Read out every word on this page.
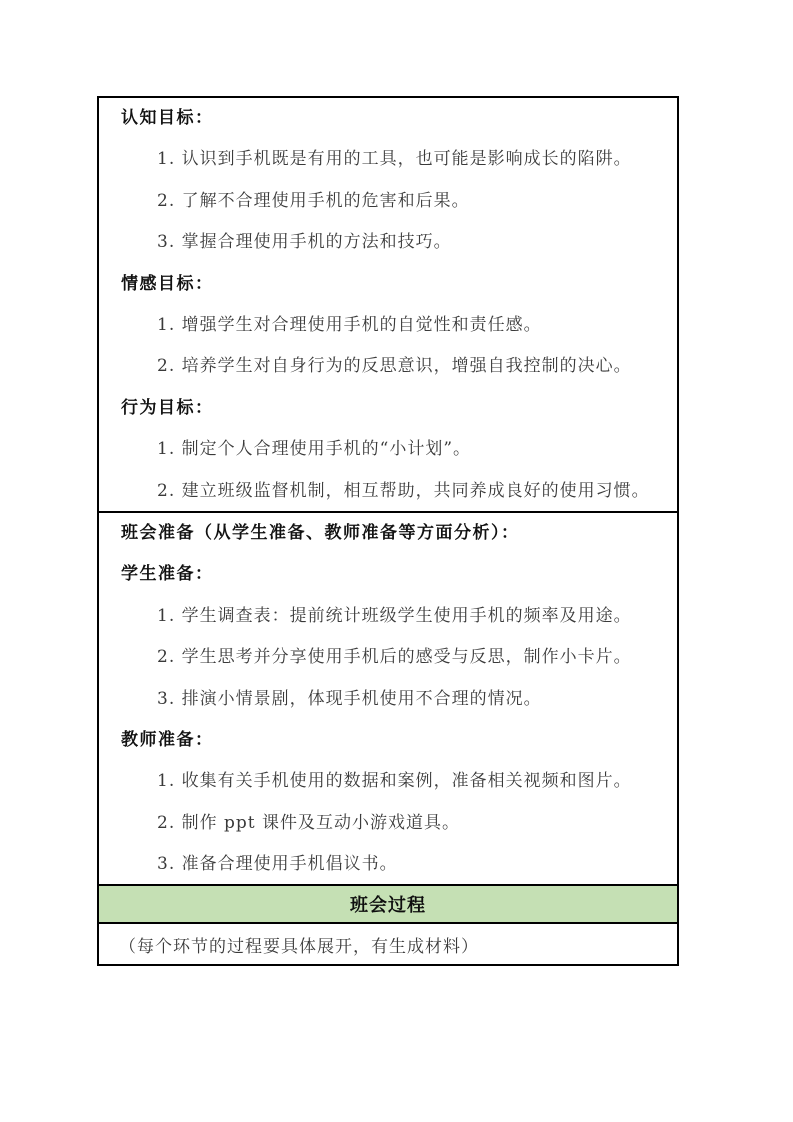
认知目标：

1. 认识到手机既是有用的工具，也可能是影响成长的陷阱。

2. 了解不合理使用手机的危害和后果。

3. 掌握合理使用手机的方法和技巧。

情感目标：

1. 增强学生对合理使用手机的自觉性和责任感。

2. 培养学生对自身行为的反思意识，增强自我控制的决心。

行为目标：

1. 制定个人合理使用手机的“小计划”。

2. 建立班级监督机制，相互帮助，共同养成良好的使用习惯。

班会准备（从学生准备、教师准备等方面分析）：

学生准备：

1. 学生调查表：提前统计班级学生使用手机的频率及用途。

2. 学生思考并分享使用手机后的感受与反思，制作小卡片。

3. 排演小情景剧，体现手机使用不合理的情况。

教师准备：

1. 收集有关手机使用的数据和案例，准备相关视频和图片。

2. 制作 ppt 课件及互动小游戏道具。

3. 准备合理使用手机倡议书。

班会过程
（每个环节的过程要具体展开，有生成材料）
